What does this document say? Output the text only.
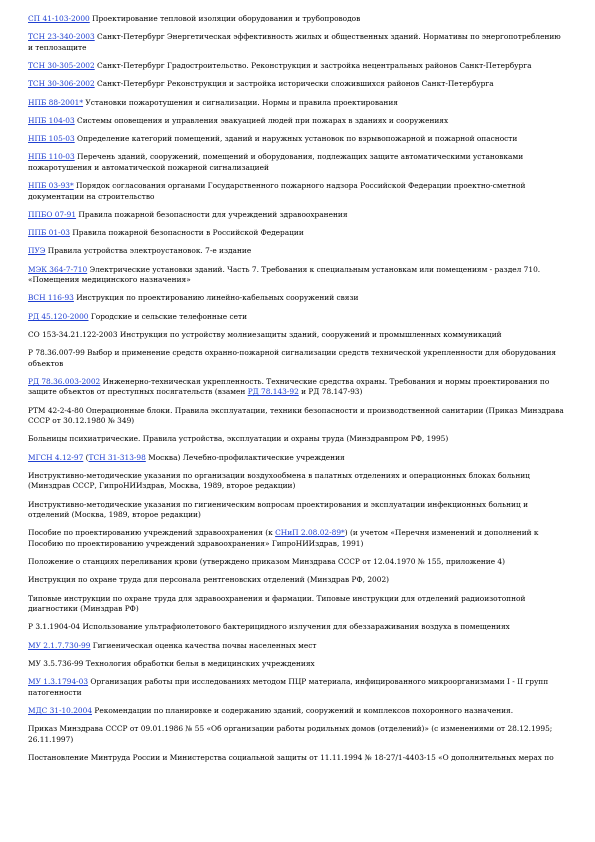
СП 41-103-2000 Проектирование тепловой изоляции оборудования и трубопроводов
ТСН 23-340-2003 Санкт-Петербург Энергетическая эффективность жилых и общественных зданий. Нормативы по энергопотреблению и теплозащите
ТСН 30-305-2002 Санкт-Петербург Градостроительство. Реконструкция и застройка нецентральных районов Санкт-Петербурга
ТСН 30-306-2002 Санкт-Петербург Реконструкция и застройка исторически сложившихся районов Санкт-Петербурга
НПБ 88-2001* Установки пожаротушения и сигнализации. Нормы и правила проектирования
НПБ 104-03 Системы оповещения и управления эвакуацией людей при пожарах в зданиях и сооружениях
НПБ 105-03 Определение категорий помещений, зданий и наружных установок по взрывопожарной и пожарной опасности
НПБ 110-03 Перечень зданий, сооружений, помещений и оборудования, подлежащих защите автоматическими установками пожаротушения и автоматической пожарной сигнализацией
НПБ 03-93* Порядок согласования органами Государственного пожарного надзора Российской Федерации проектно-сметной документации на строительство
ППБО 07-91 Правила пожарной безопасности для учреждений здравоохранения
ППБ 01-03 Правила пожарной безопасности в Российской Федерации
ПУЭ Правила устройства электроустановок. 7-е издание
МЭК 364-7-710 Электрические установки зданий. Часть 7. Требования к специальным установкам или помещениям - раздел 710. «Помещения медицинского назначения»
ВСН 116-93 Инструкция по проектированию линейно-кабельных сооружений связи
РД 45.120-2000 Городские и сельские телефонные сети
СО 153-34.21.122-2003 Инструкция по устройству молниезащиты зданий, сооружений и промышленных коммуникаций
Р 78.36.007-99 Выбор и применение средств охранно-пожарной сигнализации средств технической укрепленности для оборудования объектов
РД 78.36.003-2002 Инженерно-техническая укрепленность. Технические средства охраны. Требования и нормы проектирования по защите объектов от преступных посягательств (взамен РД 78.143-92 и РД 78.147-93)
РТМ 42-2-4-80 Операционные блоки. Правила эксплуатации, техники безопасности и производственной санитарии (Приказ Минздрава СССР от 30.12.1980 № 349)
Больницы психиатрические. Правила устройства, эксплуатации и охраны труда (Минздравпром РФ, 1995)
МГСН 4.12-97 (ТСН 31-313-98 Москва) Лечебно-профилактические учреждения
Инструктивно-методические указания по организации воздухообмена в палатных отделениях и операционных блоках больниц (Минздрав СССР, ГипроНИИздрав, Москва, 1989, второе редакции)
Инструктивно-методические указания по гигиеническим вопросам проектирования и эксплуатации инфекционных больниц и отделений (Москва, 1989, второе редакции)
Пособие по проектированию учреждений здравоохранения (к СНиП 2.08.02-89*) (и учетом «Перечня изменений и дополнений к Пособию по проектированию учреждений здравоохранения» ГипроНИИздрав, 1991)
Положение о станциях переливания крови (утверждено приказом Минздрава СССР от 12.04.1970 № 155, приложение 4)
Инструкция по охране труда для персонала рентгеновских отделений (Минздрав РФ, 2002)
Типовые инструкции по охране труда для здравоохранения и фармации. Типовые инструкции для отделений радиоизотопной диагностики (Минздрав РФ)
Р 3.1.1904-04 Использование ультрафиолетового бактерицидного излучения для обеззараживания воздуха в помещениях
МУ 2.1.7.730-99 Гигиеническая оценка качества почвы населенных мест
МУ 3.5.736-99 Технология обработки белья в медицинских учреждениях
МУ 1.3.1794-03 Организация работы при исследованиях методом ПЦР материала, инфицированного микроорганизмами I - II групп патогенности
МДС 31-10.2004 Рекомендации по планировке и содержанию зданий, сооружений и комплексов похоронного назначения.
Приказ Минздрава СССР от 09.01.1986 № 55 «Об организации работы родильных домов (отделений)» (с изменениями от 28.12.1995; 26.11.1997)
Постановление Минтруда России и Министерства социальной защиты от 11.11.1994 № 18-27/1-4403-15 «О дополнительных мерах по
